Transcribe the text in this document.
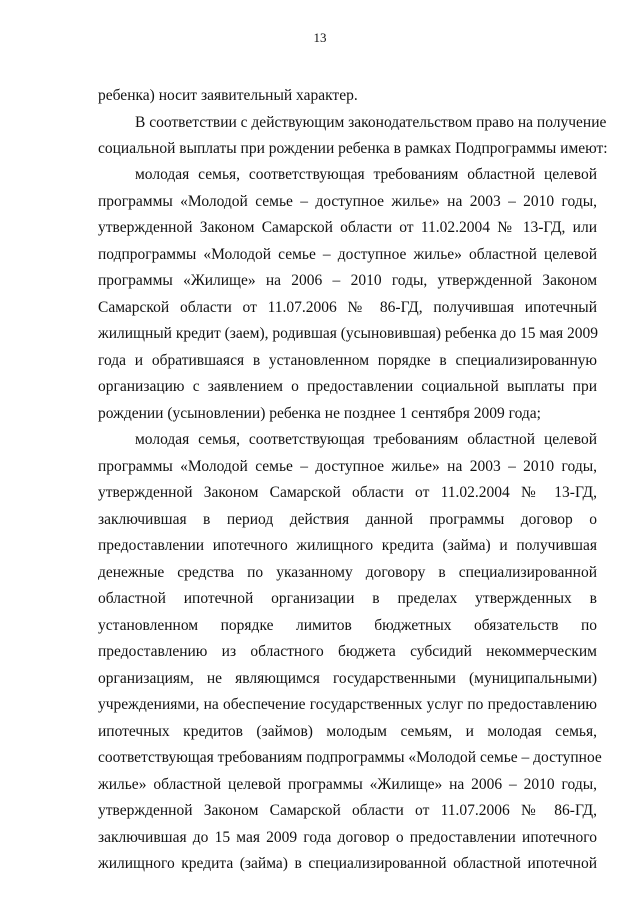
13
ребенка) носит заявительный характер.
В соответствии с действующим законодательством право на получение
социальной выплаты при рождении ребенка в рамках Подпрограммы имеют:
молодая семья, соответствующая требованиям областной целевой
программы «Молодой семье – доступное жилье» на 2003 – 2010 годы,
утвержденной Законом Самарской области от 11.02.2004 № 13-ГД, или
подпрограммы «Молодой семье – доступное жилье» областной целевой
программы «Жилище» на 2006 – 2010 годы, утвержденной Законом
Самарской области от 11.07.2006 № 86-ГД, получившая ипотечный
жилищный кредит (заем), родившая (усыновившая) ребенка до 15 мая 2009
года и обратившаяся в установленном порядке в специализированную
организацию с заявлением о предоставлении социальной выплаты при
рождении (усыновлении) ребенка не позднее 1 сентября 2009 года;
молодая семья, соответствующая требованиям областной целевой
программы «Молодой семье – доступное жилье» на 2003 – 2010 годы,
утвержденной Законом Самарской области от 11.02.2004 № 13-ГД,
заключившая в период действия данной программы договор о
предоставлении ипотечного жилищного кредита (займа) и получившая
денежные средства по указанному договору в специализированной
областной ипотечной организации в пределах утвержденных в
установленном порядке лимитов бюджетных обязательств по
предоставлению из областного бюджета субсидий некоммерческим
организациям, не являющимся государственными (муниципальными)
учреждениями, на обеспечение государственных услуг по предоставлению
ипотечных кредитов (займов) молодым семьям, и молодая семья,
соответствующая требованиям подпрограммы «Молодой семье – доступное
жилье» областной целевой программы «Жилище» на 2006 – 2010 годы,
утвержденной Законом Самарской области от 11.07.2006 № 86-ГД,
заключившая до 15 мая 2009 года договор о предоставлении ипотечного
жилищного кредита (займа) в специализированной областной ипотечной
